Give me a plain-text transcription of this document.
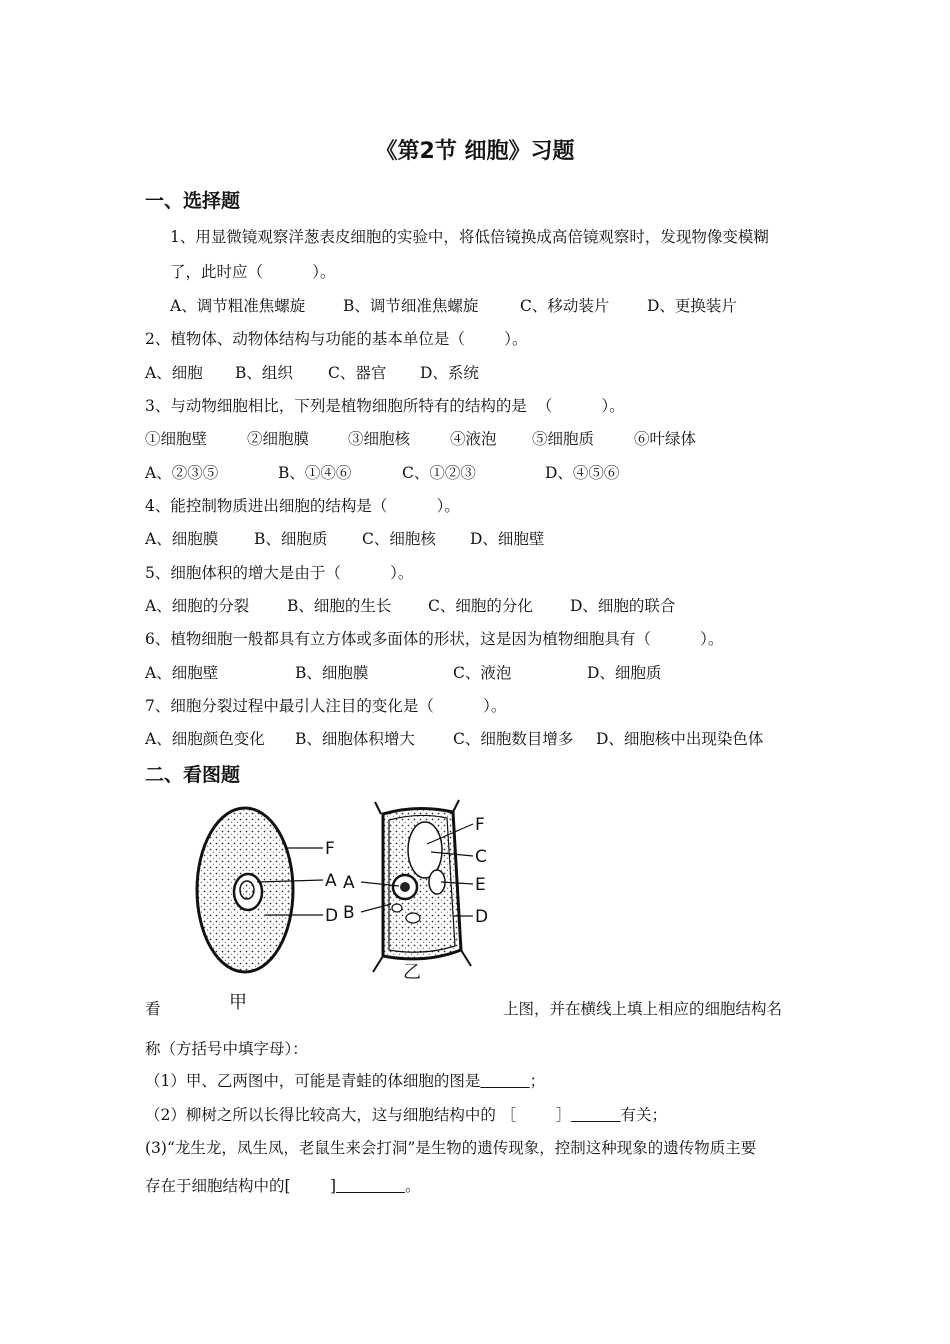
《第2节 细胞》习题
一、选择题
1、用显微镜观察洋葱表皮细胞的实验中，将低倍镜换成高倍镜观察时，发现物像变模糊
了，此时应（          ）。
A、调节粗准焦螺旋 B、调节细准焦螺旋	C、移动装片 D、更换装片
2、植物体、动物体结构与功能的基本单位是（        ）。
A、细胞 B、组织 C、器官 D、系统
3、与动物细胞相比，下列是植物细胞所特有的结构的是  （          ）。
①细胞壁	②细胞膜	③细胞核	④液泡 ⑤细胞质	⑥叶绿体
A、②③⑤	B、①④⑥	C、①②③	D、④⑤⑥
4、能控制物质进出细胞的结构是（          ）。
A、细胞膜 B、细胞质 C、细胞核 D、细胞壁
5、细胞体积的增大是由于（          ）。
A、细胞的分裂 B、细胞的生长 C、细胞的分化 D、细胞的联合
6、植物细胞一般都具有立方体或多面体的形状，这是因为植物细胞具有（          ）。
A、细胞壁	B、细胞膜	C、液泡	D、细胞质
7、细胞分裂过程中最引人注目的变化是（          ）。
A、细胞颜色变化 B、细胞体积增大 C、细胞数目增多 D、细胞核中出现染色体
二、看图题
F
A
D
甲
F
C
E
D
A
B
乙
看	上图，并在横线上填上相应的细胞结构名
称（方括号中填字母）：
（1）甲、乙两图中，可能是青蛙的体细胞的图是	；
（2）柳树之所以长得比较高大，这与细胞结构中的 ［        ］	有关；
(3)“龙生龙，凤生凤，老鼠生来会打洞”是生物的遗传现象，控制这种现象的遗传物质主要
存在于细胞结构中的[        ]	。
